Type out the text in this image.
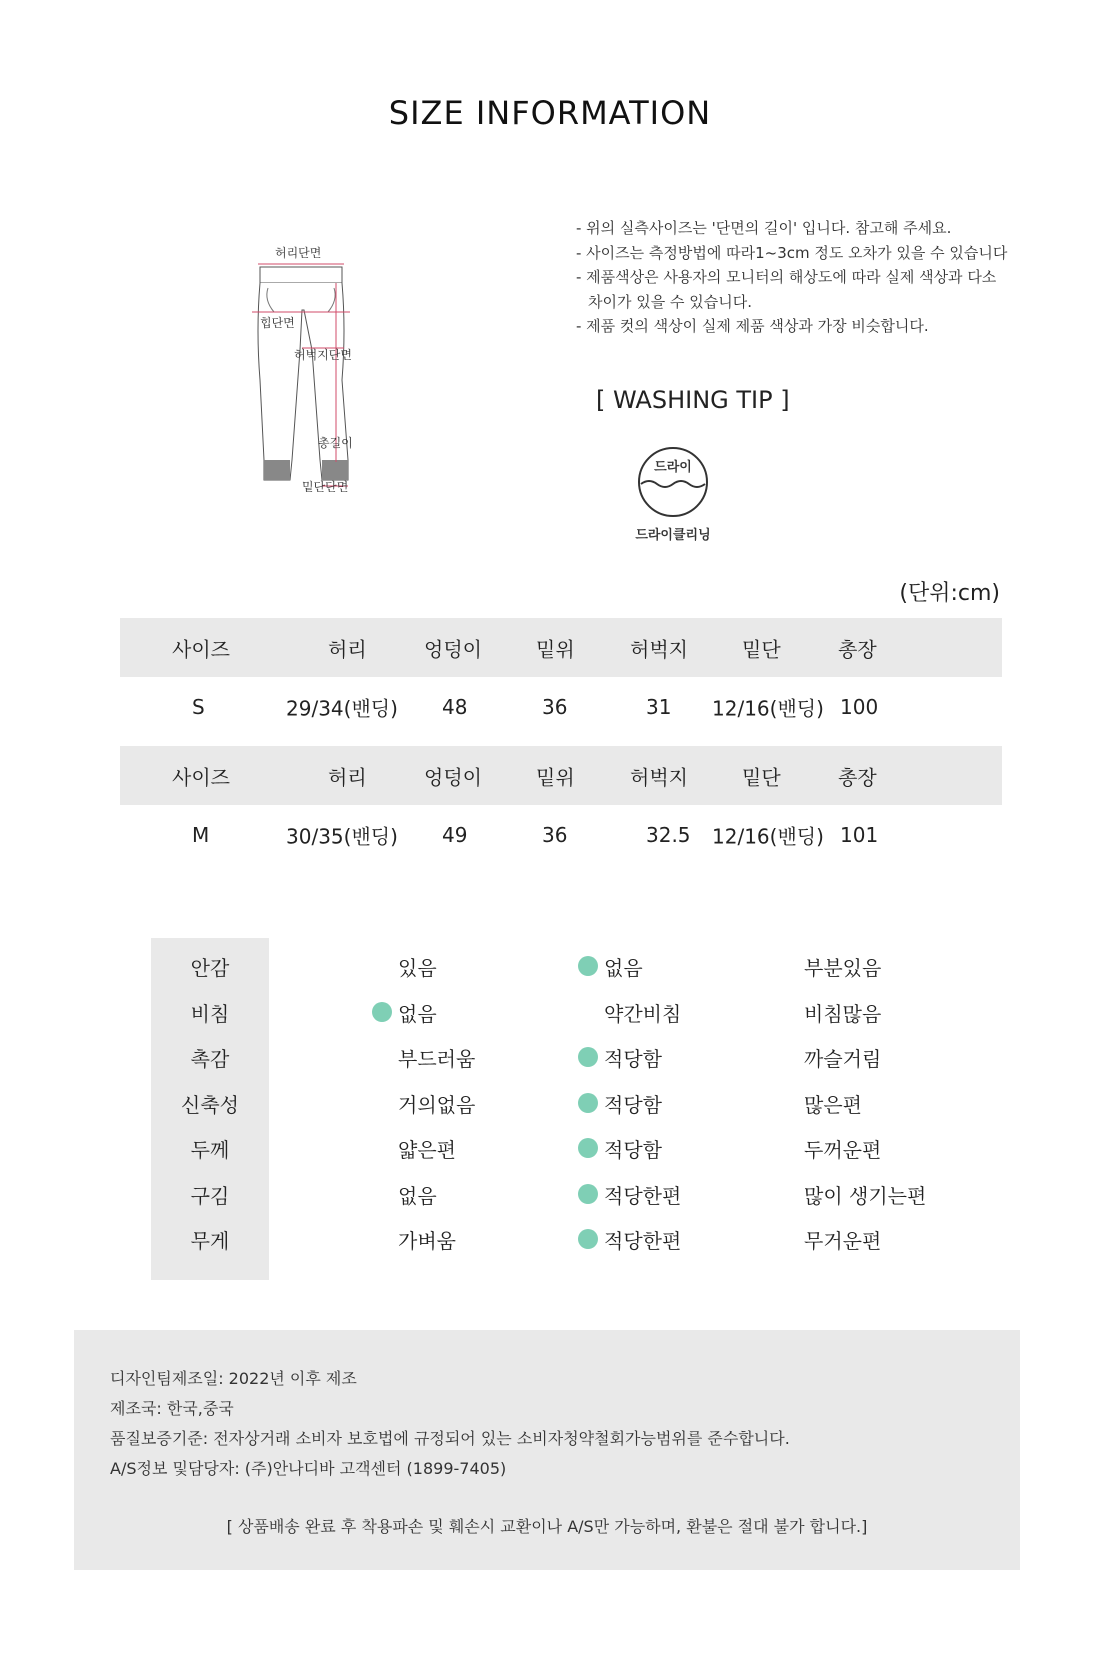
SIZE INFORMATION
허리단면
힙단면
허벅지단면
총길이
밑단단면
- 위의 실측사이즈는 '단면의 길이' 입니다. 참고해 주세요.
- 사이즈는 측정방법에 따라1~3cm 정도 오차가 있을 수 있습니다
- 제품색상은 사용자의 모니터의 해상도에 따라 실제 색상과 다소
차이가 있을 수 있습니다.
- 제품 컷의 색상이 실제 제품 색상과 가장 비슷합니다.
[ WASHING TIP ]
드라이
드라이클리닝
(단위:cm)
사이즈	허리	엉덩이	밑위	허벅지	밑단	총장
S	29/34(밴딩) 48	36	31 12/16(밴딩) 100
사이즈	허리	엉덩이	밑위	허벅지	밑단	총장
M	30/35(밴딩) 49	36	32.5 12/16(밴딩) 101
안감	있음	없음	부분있음
비침	없음	약간비침	비침많음
촉감	부드러움	적당함	까슬거림
신축성	거의없음	적당함	많은편
두께	얇은편	적당함	두꺼운편
구김	없음	적당한편	많이 생기는편
무게	가벼움	적당한편	무거운편

디자인팀제조일: 2022년 이후 제조

제조국: 한국,중국

품질보증기준: 전자상거래 소비자 보호법에 규정되어 있는 소비자청약철회가능범위를 준수합니다.

A/S정보 및담당자: (주)안나디바 고객센터 (1899-7405)

[ 상품배송 완료 후 착용파손 및 훼손시 교환이나 A/S만 가능하며, 환불은 절대 불가 합니다.]
